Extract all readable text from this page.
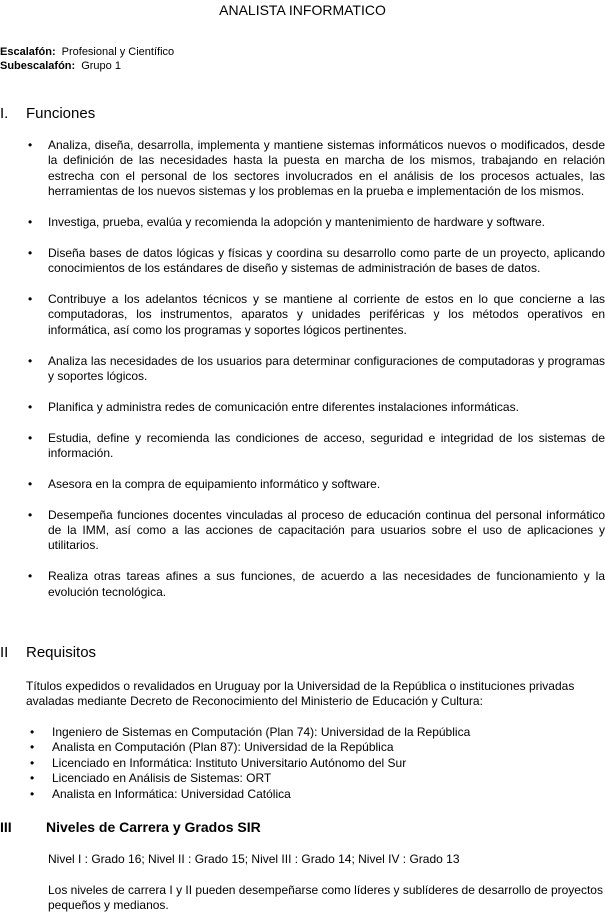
ANALISTA INFORMATICO
Escalafón: Profesional y Científico
Subescalafón: Grupo 1
I. Funciones
• Analiza, diseña, desarrolla, implementa y mantiene sistemas informáticos nuevos o modificados, desde la definición de las necesidades hasta la puesta en marcha de los mismos, trabajando en relación estrecha con el personal de los sectores involucrados en el análisis de los procesos actuales, las herramientas de los nuevos sistemas y los problemas en la prueba e implementación de los mismos.
• Investiga, prueba, evalúa y recomienda la adopción y mantenimiento de hardware y software.
• Diseña bases de datos lógicas y físicas y coordina su desarrollo como parte de un proyecto, aplicando conocimientos de los estándares de diseño y sistemas de administración de bases de datos.
• Contribuye a los adelantos técnicos y se mantiene al corriente de estos en lo que concierne a las computadoras, los instrumentos, aparatos y unidades periféricas y los métodos operativos en informática, así como los programas y soportes lógicos pertinentes.
• Analiza las necesidades de los usuarios para determinar configuraciones de computadoras y programas y soportes lógicos.
• Planifica y administra redes de comunicación entre diferentes instalaciones informáticas.
• Estudia, define y recomienda las condiciones de acceso, seguridad e integridad de los sistemas de información.
• Asesora en la compra de equipamiento informático y software.
• Desempeña funciones docentes vinculadas al proceso de educación continua del personal informático de la IMM, así como a las acciones de capacitación para usuarios sobre el uso de aplicaciones y utilitarios.
• Realiza otras tareas afines a sus funciones, de acuerdo a las necesidades de funcionamiento y la evolución tecnológica.
II Requisitos
Títulos expedidos o revalidados en Uruguay por la Universidad de la República o instituciones privadas avaladas mediante Decreto de Reconocimiento del Ministerio de Educación y Cultura:
• Ingeniero de Sistemas en Computación (Plan 74): Universidad de la República
• Analista en Computación (Plan 87): Universidad de la República
• Licenciado en Informática: Instituto Universitario Autónomo del Sur
• Licenciado en Análisis de Sistemas: ORT
• Analista en Informática: Universidad Católica
III Niveles de Carrera y Grados SIR
Nivel I : Grado 16; Nivel II : Grado 15; Nivel III : Grado 14; Nivel IV : Grado 13
Los niveles de carrera I y II pueden desempeñarse como líderes y sublíderes de desarrollo de proyectos pequeños y medianos.
